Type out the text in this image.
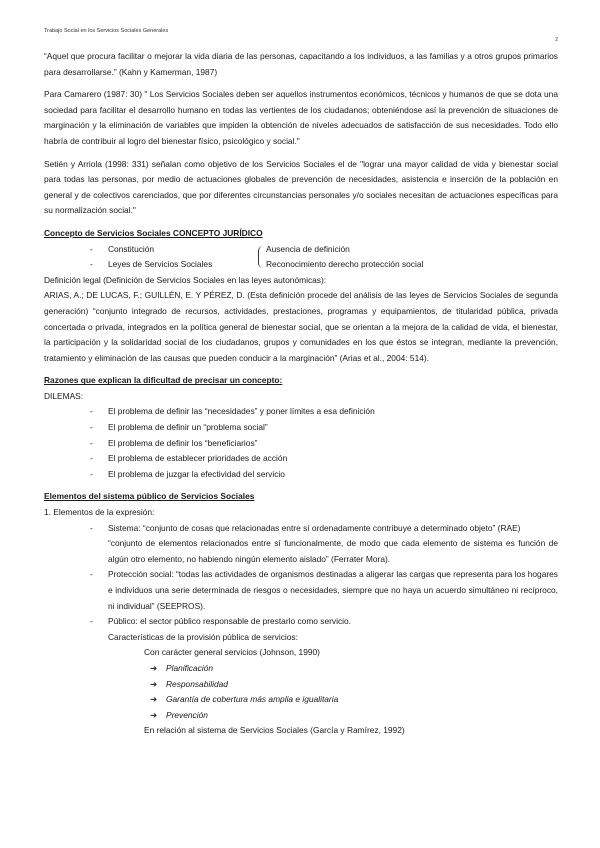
Trabajo Social en los Servicios Sociales Generales
2

“Aquel que procura facilitar o mejorar la vida diaria de las personas, capacitando a los individuos, a las familias y a otros grupos primarios para desarrollarse.” (Kahn y Kamerman, 1987)

Para Camarero (1987: 30) " Los Servicios Sociales deben ser aquellos instrumentos económicos, técnicos y humanos de que se dota una sociedad para facilitar el desarrollo humano en todas las vertientes de los ciudadanos; obteniéndose así la prevención de situaciones de marginación y la eliminación de variables que impiden la obtención de niveles adecuados de satisfacción de sus necesidades. Todo ello habría de contribuir al logro del bienestar físico, psicológico y social."

Setién y Arriola (1998: 331) señalan como objetivo de los Servicios Sociales el de "lograr una mayor calidad de vida y bienestar social para todas las personas, por medio de actuaciones globales de prevención de necesidades, asistencia e inserción de la población en general y de colectivos carenciados, que por diferentes circunstancias personales y/o sociales necesitan de actuaciones específicas para su normalización social."

Concepto de Servicios Sociales CONCEPTO JURÍDICO

- Constitución
- Leyes de Servicios Sociales
Ausencia de definición
Reconocimiento derecho protección social

Definición legal (Definición de Servicios Sociales en las leyes autonómicas):

ARIAS, A.; DE LUCAS, F.; GUILLÉN, E. Y PÉREZ, D. (Esta definición procede del análisis de las leyes de Servicios Sociales de segunda generación) “conjunto integrado de recursos, actividades, prestaciones, programas y equipamientos, de titularidad pública, privada concertada o privada, integrados en la política general de bienestar social, que se orientan a la mejora de la calidad de vida, el bienestar, la participación y la solidaridad social de los ciudadanos, grupos y comunidades en los que éstos se integran, mediante la prevención, tratamiento y eliminación de las causas que pueden conducir a la marginación” (Arias et al., 2004: 514).

Razones que explican la dificultad de precisar un concepto:

DILEMAS:

- El problema de definir las “necesidades” y poner límites a esa definición
- El problema de definir un “problema social”
- El problema de definir los “beneficiarios”
- El problema de establecer prioridades de acción
- El problema de juzgar la efectividad del servicio

Elementos del sistema público de Servicios Sociales

1. Elementos de la expresión:

- Sistema: “conjunto de cosas que relacionadas entre sí ordenadamente contribuye a determinado objeto” (RAE)
“conjunto de elementos relacionados entre sí funcionalmente, de modo que cada elemento de sistema es función de algún otro elemento, no habiendo ningún elemento aislado” (Ferrater Mora).
- Protección social: “todas las actividades de organismos destinadas a aligerar las cargas que representa para los hogares e individuos una serie determinada de riesgos o necesidades, siempre que no haya un acuerdo simultáneo ni recíproco, ni individual” (SEEPROS).
- Público: el sector público responsable de prestarlo como servicio.
Características de la provisión pública de servicios:

Con carácter general servicios (Johnson, 1990)

➔ Planificación
➔ Responsabilidad
➔ Garantía de cobertura más amplia e igualitaria
➔ Prevención

En relación al sistema de Servicios Sociales (García y Ramírez, 1992)
